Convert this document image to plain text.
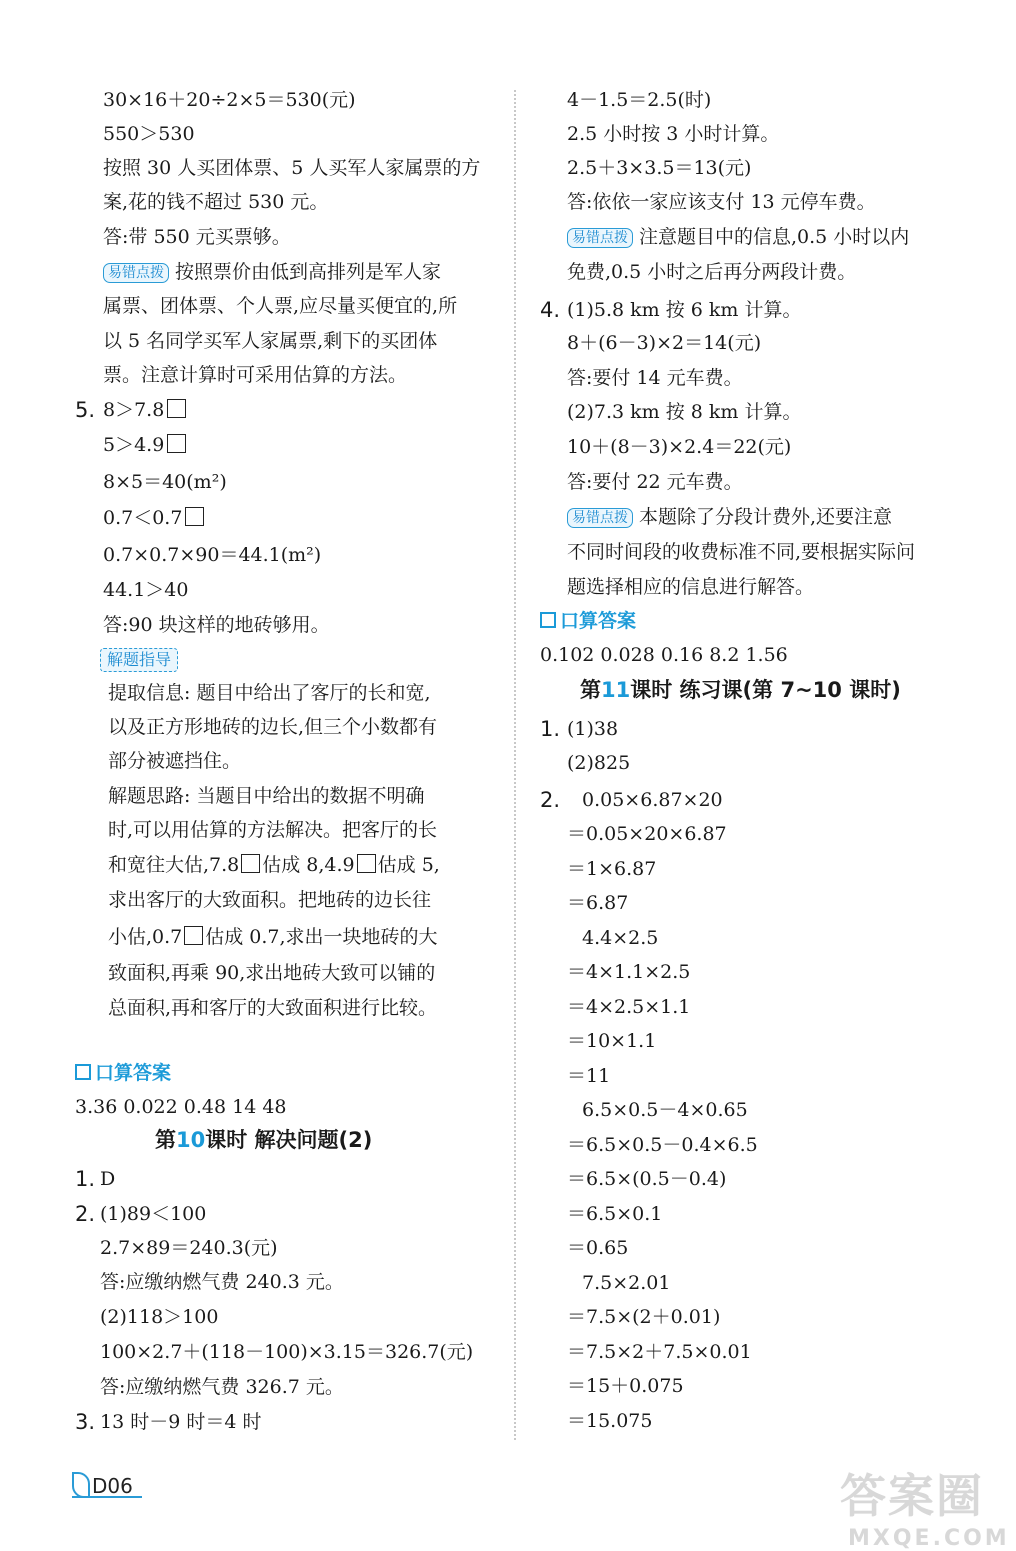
30×16＋20÷2×5＝530(元)
550＞530
按照 30 人买团体票、5 人买军人家属票的方
案,花的钱不超过 530 元。
答:带 550 元买票够。
易错点拨 按照票价由低到高排列是军人家
属票、团体票、个人票,应尽量买便宜的,所
以 5 名同学买军人家属票,剩下的买团体
票。注意计算时可采用估算的方法。
5. 8＞7.8
5＞4.9
8×5＝40(m²)
0.7＜0.7
0.7×0.7×90＝44.1(m²)
44.1＞40
答:90 块这样的地砖够用。
解题指导
提取信息: 题目中给出了客厅的长和宽,
以及正方形地砖的边长,但三个小数都有
部分被遮挡住。
解题思路: 当题目中给出的数据不明确
时,可以用估算的方法解决。把客厅的长
和宽往大估,7.8 估成 8,4.9 估成 5,
求出客厅的大致面积。把地砖的边长往
小估,0.7 估成 0.7,求出一块地砖的大
致面积,再乘 90,求出地砖大致可以铺的
总面积,再和客厅的大致面积进行比较。
口算答案
3.36 0.022 0.48 14 48
第10课时 解决问题(2)
1. D
2. (1)89＜100
2.7×89＝240.3(元)
答:应缴纳燃气费 240.3 元。
(2)118＞100
100×2.7＋(118－100)×3.15＝326.7(元)
答:应缴纳燃气费 326.7 元。
3. 13 时－9 时＝4 时
4－1.5＝2.5(时)
2.5 小时按 3 小时计算。
2.5＋3×3.5＝13(元)
答:依依一家应该支付 13 元停车费。
易错点拨 注意题目中的信息,0.5 小时以内
免费,0.5 小时之后再分两段计费。
4. (1)5.8 km 按 6 km 计算。
8＋(6－3)×2＝14(元)
答:要付 14 元车费。
(2)7.3 km 按 8 km 计算。
10＋(8－3)×2.4＝22(元)
答:要付 22 元车费。
易错点拨 本题除了分段计费外,还要注意
不同时间段的收费标准不同,要根据实际问
题选择相应的信息进行解答。
口算答案
0.102 0.028 0.16 8.2 1.56
第11课时 练习课(第 7~10 课时)
1. (1)38
(2)825
2. 0.05×6.87×20
＝0.05×20×6.87
＝1×6.87
＝6.87
4.4×2.5
＝4×1.1×2.5
＝4×2.5×1.1
＝10×1.1
＝11
6.5×0.5－4×0.65
＝6.5×0.5－0.4×6.5
＝6.5×(0.5－0.4)
＝6.5×0.1
＝0.65
7.5×2.01
＝7.5×(2＋0.01)
＝7.5×2＋7.5×0.01
＝15＋0.075
＝15.075
D06	答案圈
MXQE.COM
